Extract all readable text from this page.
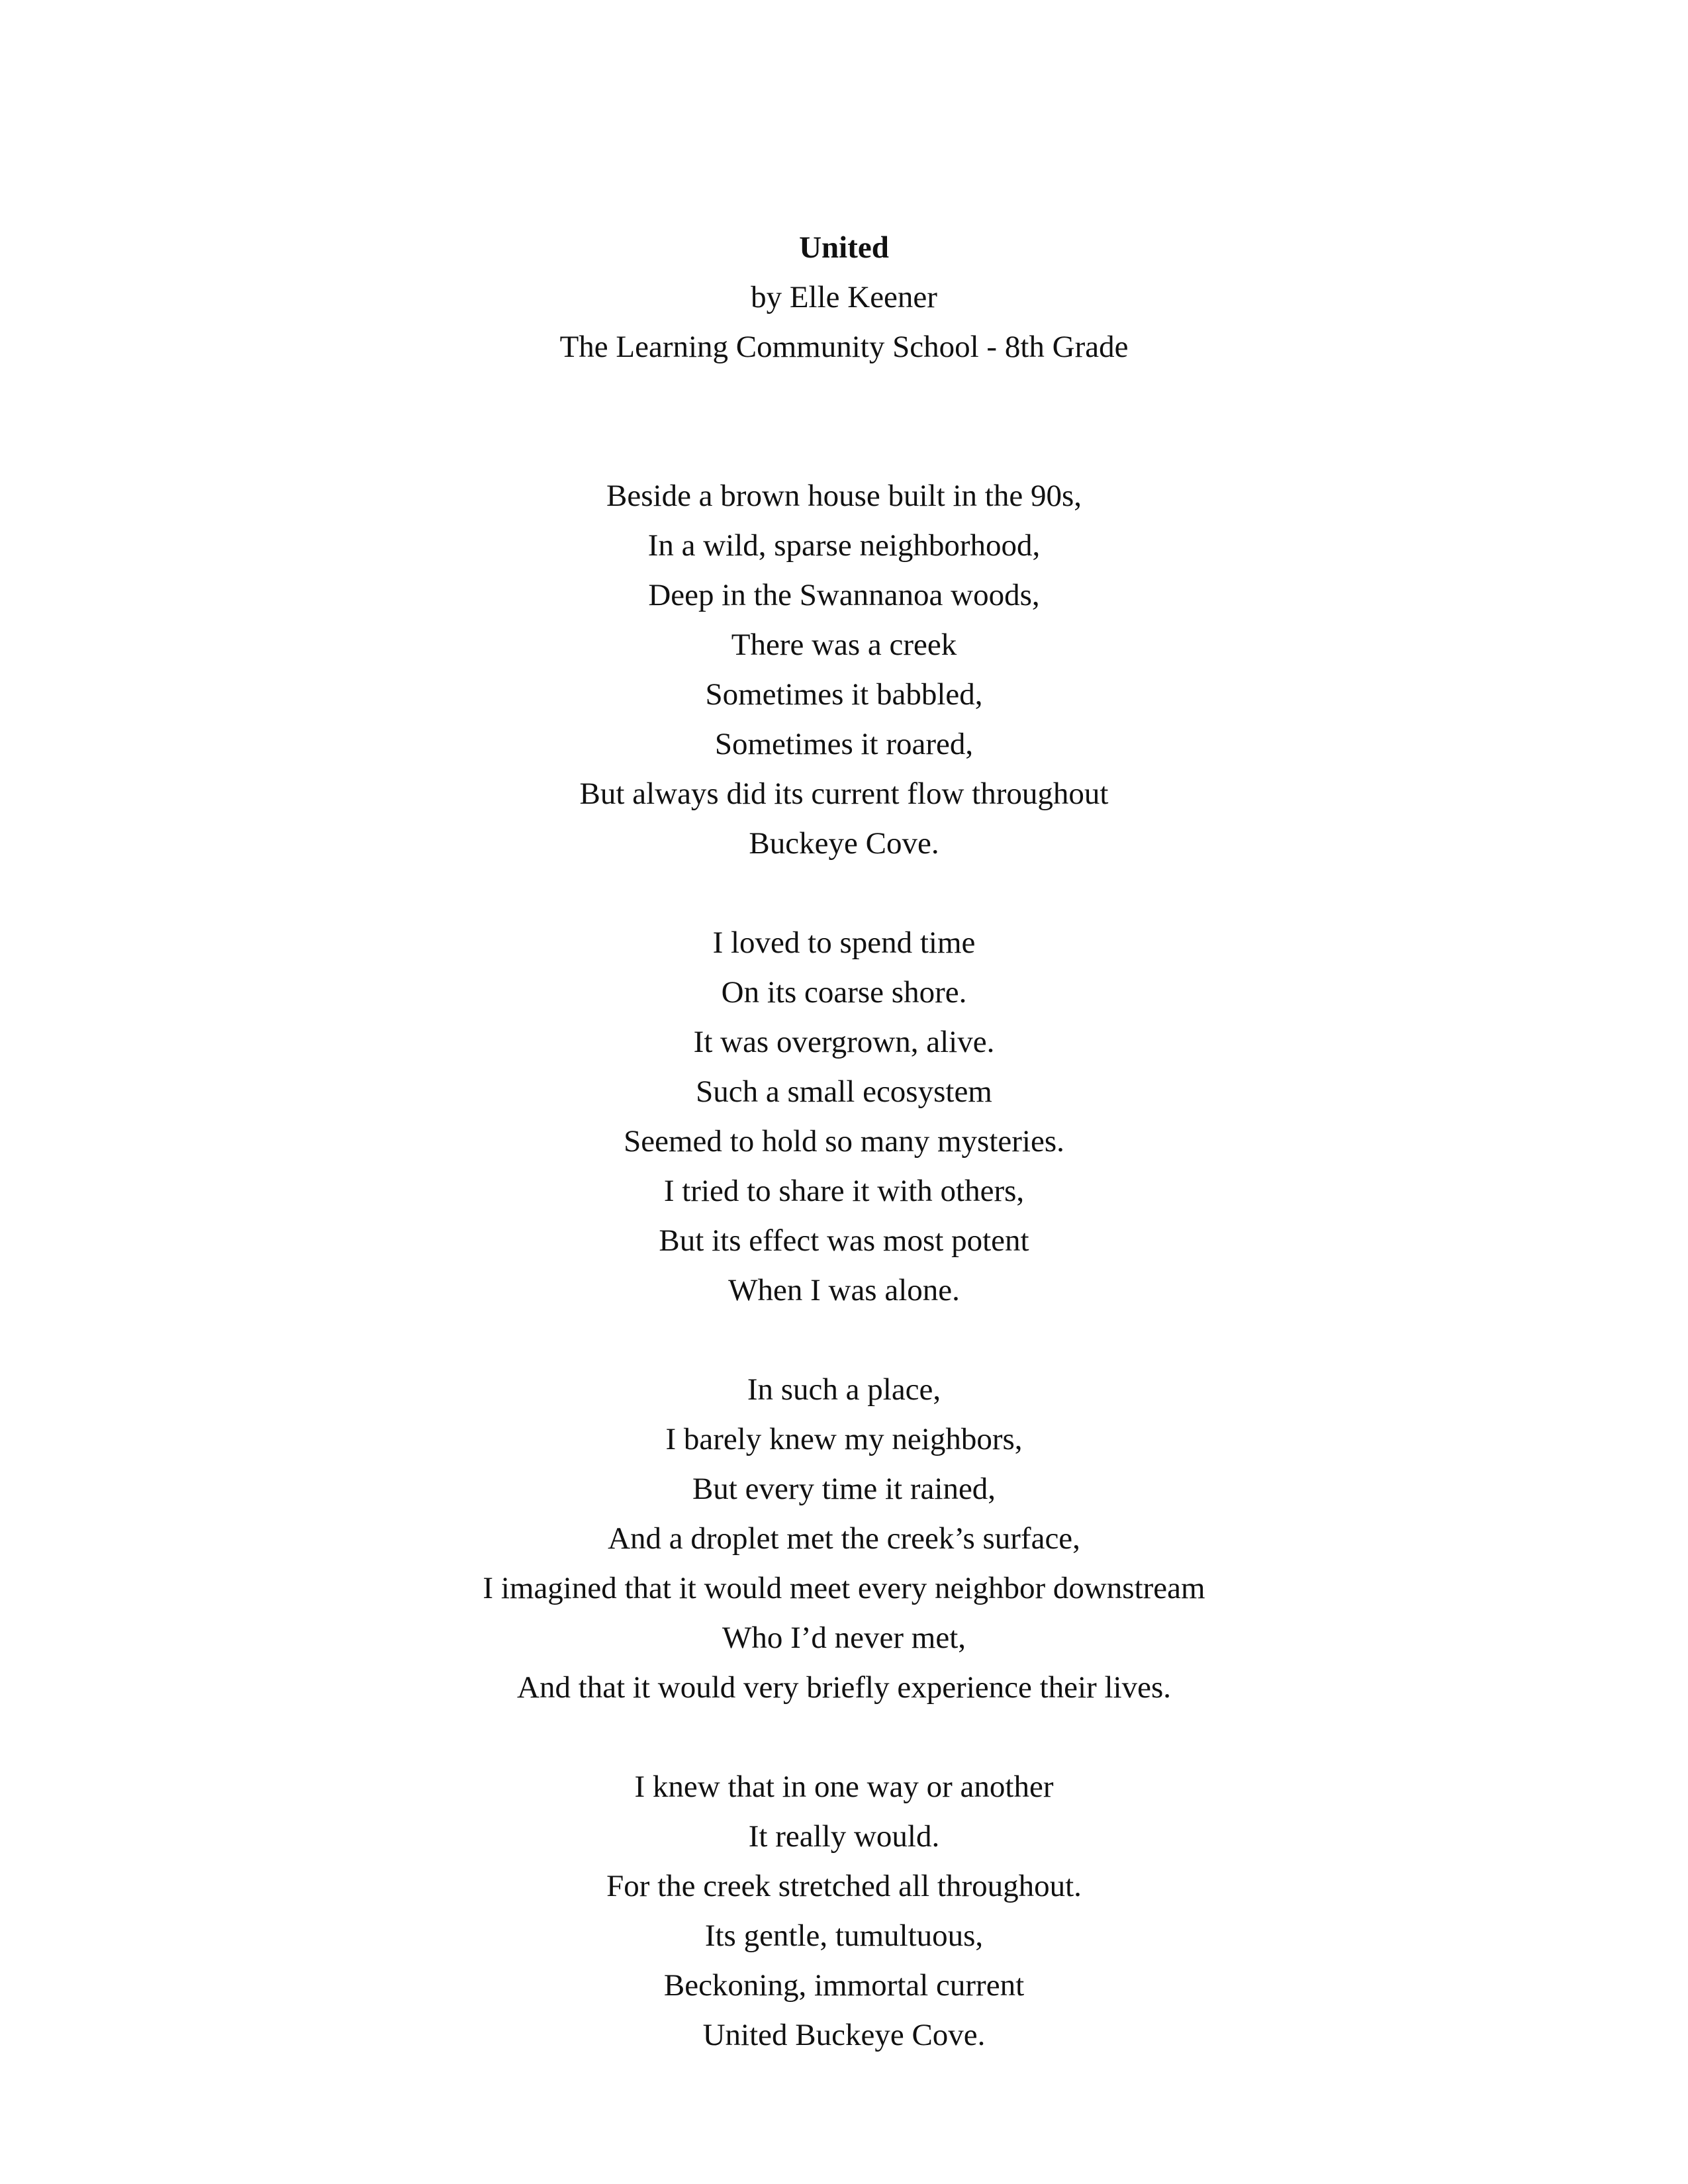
United
by Elle Keener
The Learning Community School - 8th Grade
Beside a brown house built in the 90s,
In a wild, sparse neighborhood,
Deep in the Swannanoa woods,
There was a creek
Sometimes it babbled,
Sometimes it roared,
But always did its current flow throughout
Buckeye Cove.
I loved to spend time
On its coarse shore.
It was overgrown, alive.
Such a small ecosystem
Seemed to hold so many mysteries.
I tried to share it with others,
But its effect was most potent
When I was alone.
In such a place,
I barely knew my neighbors,
But every time it rained,
And a droplet met the creek’s surface,
I imagined that it would meet every neighbor downstream
Who I’d never met,
And that it would very briefly experience their lives.
I knew that in one way or another
It really would.
For the creek stretched all throughout.
Its gentle, tumultuous,
Beckoning, immortal current
United Buckeye Cove.
